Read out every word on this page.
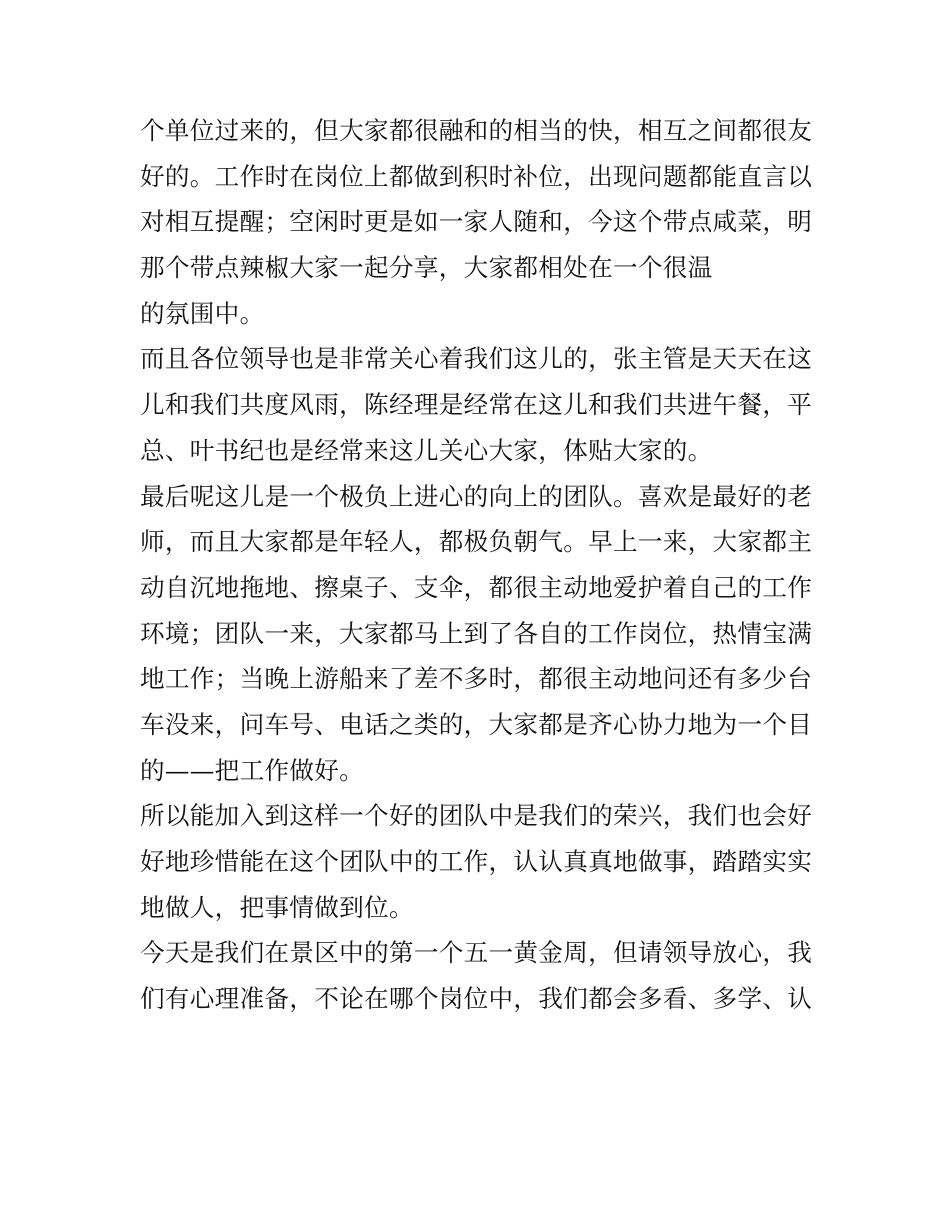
个单位过来的，但大家都很融和的相当的快，相互之间都很友
好的。工作时在岗位上都做到积时补位，出现问题都能直言以
对相互提醒；空闲时更是如一家人随和，今这个带点咸菜，明
那个带点辣椒大家一起分享，大家都相处在一个很温
的氛围中。
而且各位领导也是非常关心着我们这儿的，张主管是天天在这
儿和我们共度风雨，陈经理是经常在这儿和我们共进午餐，平
总、叶书纪也是经常来这儿关心大家，体贴大家的。
最后呢这儿是一个极负上进心的向上的团队。喜欢是最好的老
师，而且大家都是年轻人，都极负朝气。早上一来，大家都主
动自沉地拖地、擦桌子、支伞，都很主动地爱护着自己的工作
环境；团队一来，大家都马上到了各自的工作岗位，热情宝满
地工作；当晚上游船来了差不多时，都很主动地问还有多少台
车没来，问车号、电话之类的，大家都是齐心协力地为一个目
的——把工作做好。
所以能加入到这样一个好的团队中是我们的荣兴，我们也会好
好地珍惜能在这个团队中的工作，认认真真地做事，踏踏实实
地做人，把事情做到位。
今天是我们在景区中的第一个五一黄金周，但请领导放心，我
们有心理准备，不论在哪个岗位中，我们都会多看、多学、认
